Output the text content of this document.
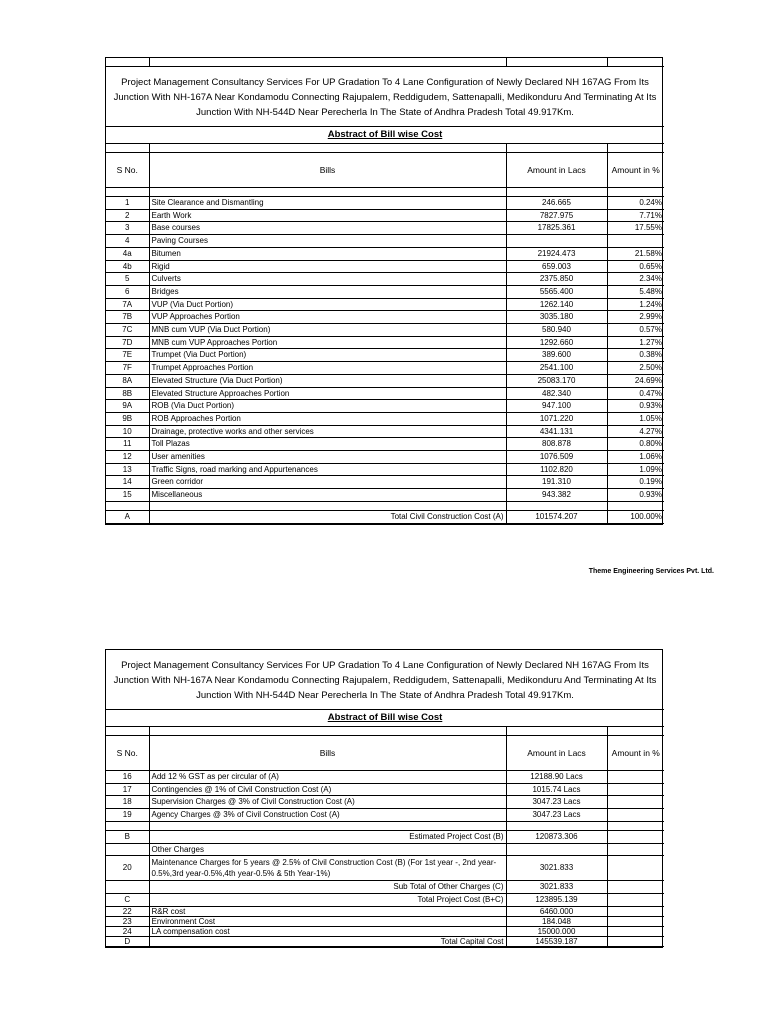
Project Management Consultancy Services For UP Gradation To 4 Lane Configuration of Newly Declared NH 167AG From Its Junction With NH-167A Near Kondamodu Connecting Rajupalem, Reddigudem, Sattenapalli, Medikonduru And Terminating At Its Junction With NH-544D Near Perecherla In The State of Andhra Pradesh Total 49.917Km.			
Abstract of Bill wise Cost			

S No.	Bills	Amount in Lacs	Amount in %

1	Site Clearance and Dismantling	246.665	0.24%
2	Earth Work	7827.975	7.71%
3	Base courses	17825.361	17.55%
4	Paving Courses		
4a	Bitumen	21924.473	21.58%
4b	Rigid	659.003	0.65%
5	Culverts	2375.850	2.34%
6	Bridges	5565.400	5.48%
7A	VUP (Via Duct Portion)	1262.140	1.24%
7B	VUP Approaches Portion	3035.180	2.99%
7C	MNB cum VUP (Via Duct Portion)	580.940	0.57%
7D	MNB cum VUP Approaches Portion	1292.660	1.27%
7E	Trumpet (Via Duct Portion)	389.600	0.38%
7F	Trumpet Approaches Portion	2541.100	2.50%
8A	Elevated Structure (Via Duct Portion)	25083.170	24.69%
8B	Elevated Structure Approaches Portion	482.340	0.47%
9A	ROB (Via Duct Portion)	947.100	0.93%
9B	ROB Approaches Portion	1071.220	1.05%
10	Drainage, protective works and other services	4341.131	4.27%
11	Toll Plazas	808.878	0.80%
12	User amenities	1076.509	1.06%
13	Traffic Signs, road marking and Appurtenances	1102.820	1.09%
14	Green corridor	191.310	0.19%
15	Miscellaneous	943.382	0.93%

A	Total Civil Construction Cost (A)	101574.207	100.00%
Theme Engineering Services Pvt. Ltd.
Project Management Consultancy Services For UP Gradation To 4 Lane Configuration of Newly Declared NH 167AG From Its Junction With NH-167A Near Kondamodu Connecting Rajupalem, Reddigudem, Sattenapalli, Medikonduru And Terminating At Its Junction With NH-544D Near Perecherla In The State of Andhra Pradesh Total 49.917Km.			
Abstract of Bill wise Cost			

S No.	Bills	Amount in Lacs	Amount in %
16	Add 12 % GST as per circular of (A)	12188.90 Lacs	
17	Contingencies @ 1% of Civil Construction Cost (A)	1015.74 Lacs	
18	Supervision Charges @ 3% of Civil Construction Cost (A)	3047.23 Lacs	
19	Agency Charges @ 3% of Civil Construction Cost (A)	3047.23 Lacs	

B	Estimated Project Cost (B)	120873.306	
	Other Charges		
20	Maintenance Charges for 5 years @ 2.5% of Civil Construction Cost (B) (For 1st year -, 2nd year-0.5%,3rd year-0.5%,4th year-0.5% & 5th Year-1%)	3021.833	
	Sub Total of Other Charges (C)	3021.833	
C	Total Project Cost (B+C)	123895.139	
22	R&R cost	6460.000	
23	Environment Cost	184.048	
24	LA compensation cost	15000.000	
D	Total Capital Cost	145539.187	
